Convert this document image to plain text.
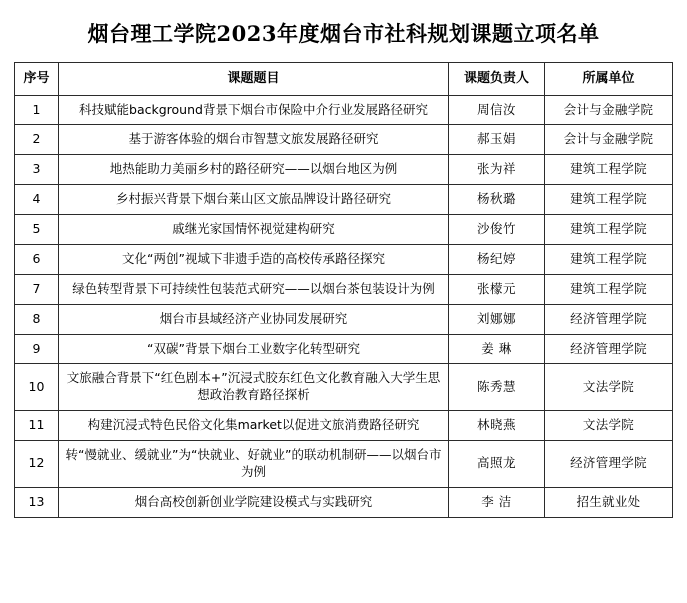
烟台理工学院2023年度烟台市社科规划课题立项名单
序号	课题题目	课题负责人	所属单位
1	科技赋能background背景下烟台市保险中介行业发展路径研究	周信汝	会计与金融学院
2	基于游客体验的烟台市智慧文旅发展路径研究	郝玉娟	会计与金融学院
3	地热能助力美丽乡村的路径研究——以烟台地区为例	张为祥	建筑工程学院
4	乡村振兴背景下烟台莱山区文旅品牌设计路径研究	杨秋璐	建筑工程学院
5	戚继光家国情怀视觉建构研究	沙俊竹	建筑工程学院
6	文化“两创”视域下非遗手造的高校传承路径探究	杨纪婷	建筑工程学院
7	绿色转型背景下可持续性包装范式研究——以烟台茶包装设计为例	张檬元	建筑工程学院
8	烟台市县域经济产业协同发展研究	刘娜娜	经济管理学院
9	“双碳”背景下烟台工业数字化转型研究	姜 琳	经济管理学院
10	文旅融合背景下“红色剧本+”沉浸式胶东红色文化教育融入大学生思想政治教育路径探析	陈秀慧	文法学院
11	构建沉浸式特色民俗文化集market以促进文旅消费路径研究	林晓燕	文法学院
12	转“慢就业、缓就业”为“快就业、好就业”的联动机制研——以烟台市为例	高照龙	经济管理学院
13	烟台高校创新创业学院建设模式与实践研究	李 洁	招生就业处
